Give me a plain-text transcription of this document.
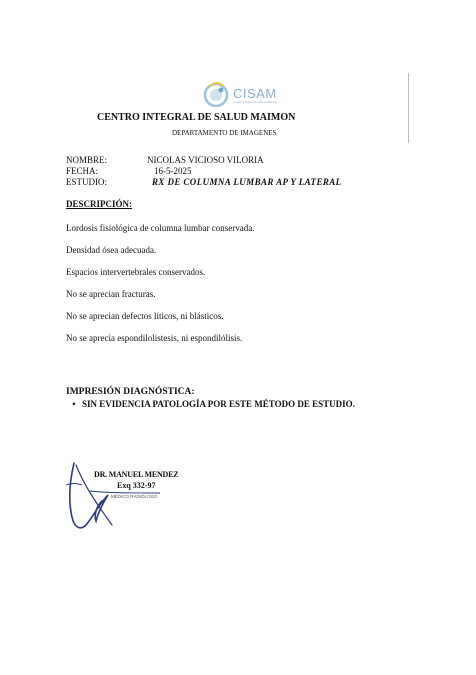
CISAM
Centro Integral de Salud Maimon
CENTRO INTEGRAL DE SALUD MAIMON
DEPARTAMENTO DE IMAGENES
NOMBRE:	NICOLAS VICIOSO VILORIA
FECHA:	16-5-2025
ESTUDIO:	RX DE COLUMNA LUMBAR AP Y LATERAL
DESCRIPCIÓN:
Lordosis fisiológica de columna lumbar conservada.
Densidad ósea adecuada.
Espacios intervertebrales conservados.
No se aprecian fracturas.
No se aprecian defectos líticos, ni blásticos.
No se aprecia espondilolistesis, ni espondilólisis.
IMPRESIÓN DIAGNÓSTICA:
• SIN EVIDENCIA PATOLOGÍA POR ESTE MÉTODO DE ESTUDIO.
DR. MANUEL MENDEZ
Exq 332-97
MÉDICO RADIÓLOGO
